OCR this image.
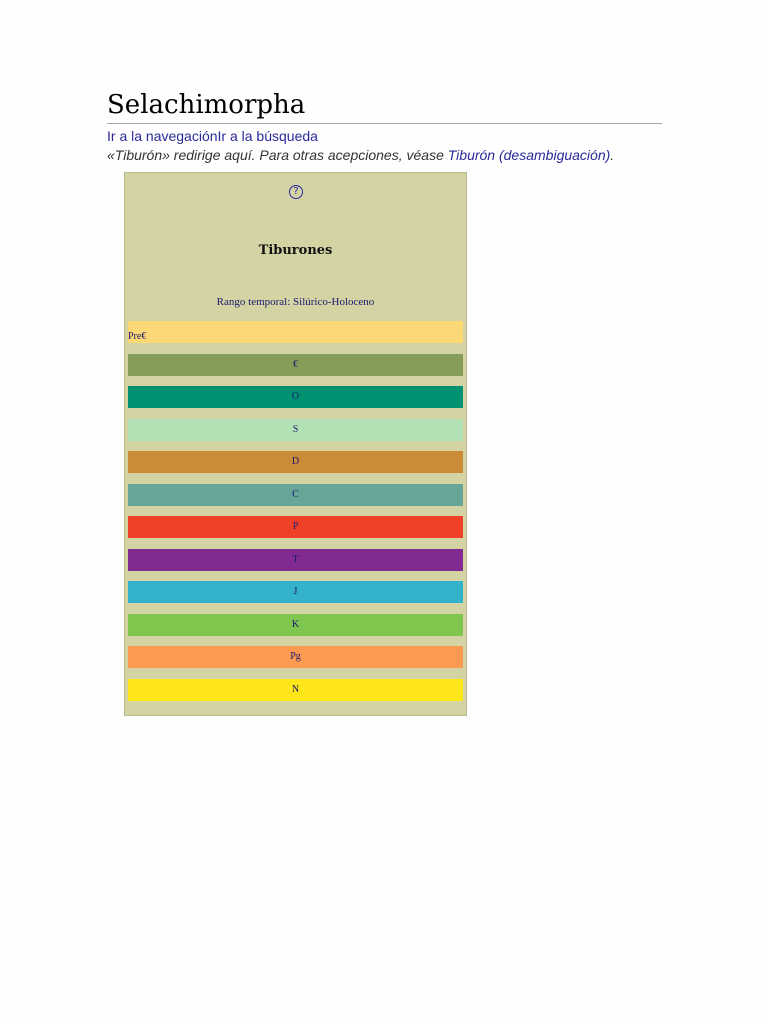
Selachimorpha
Ir a la navegaciónIr a la búsqueda
«Tiburón» redirige aquí. Para otras acepciones, véase Tiburón (desambiguación).
?
Tiburones
Rango temporal: Silúrico-Holoceno
Pre€
€
O
S
D
C
P
T
J
K
Pg
N
